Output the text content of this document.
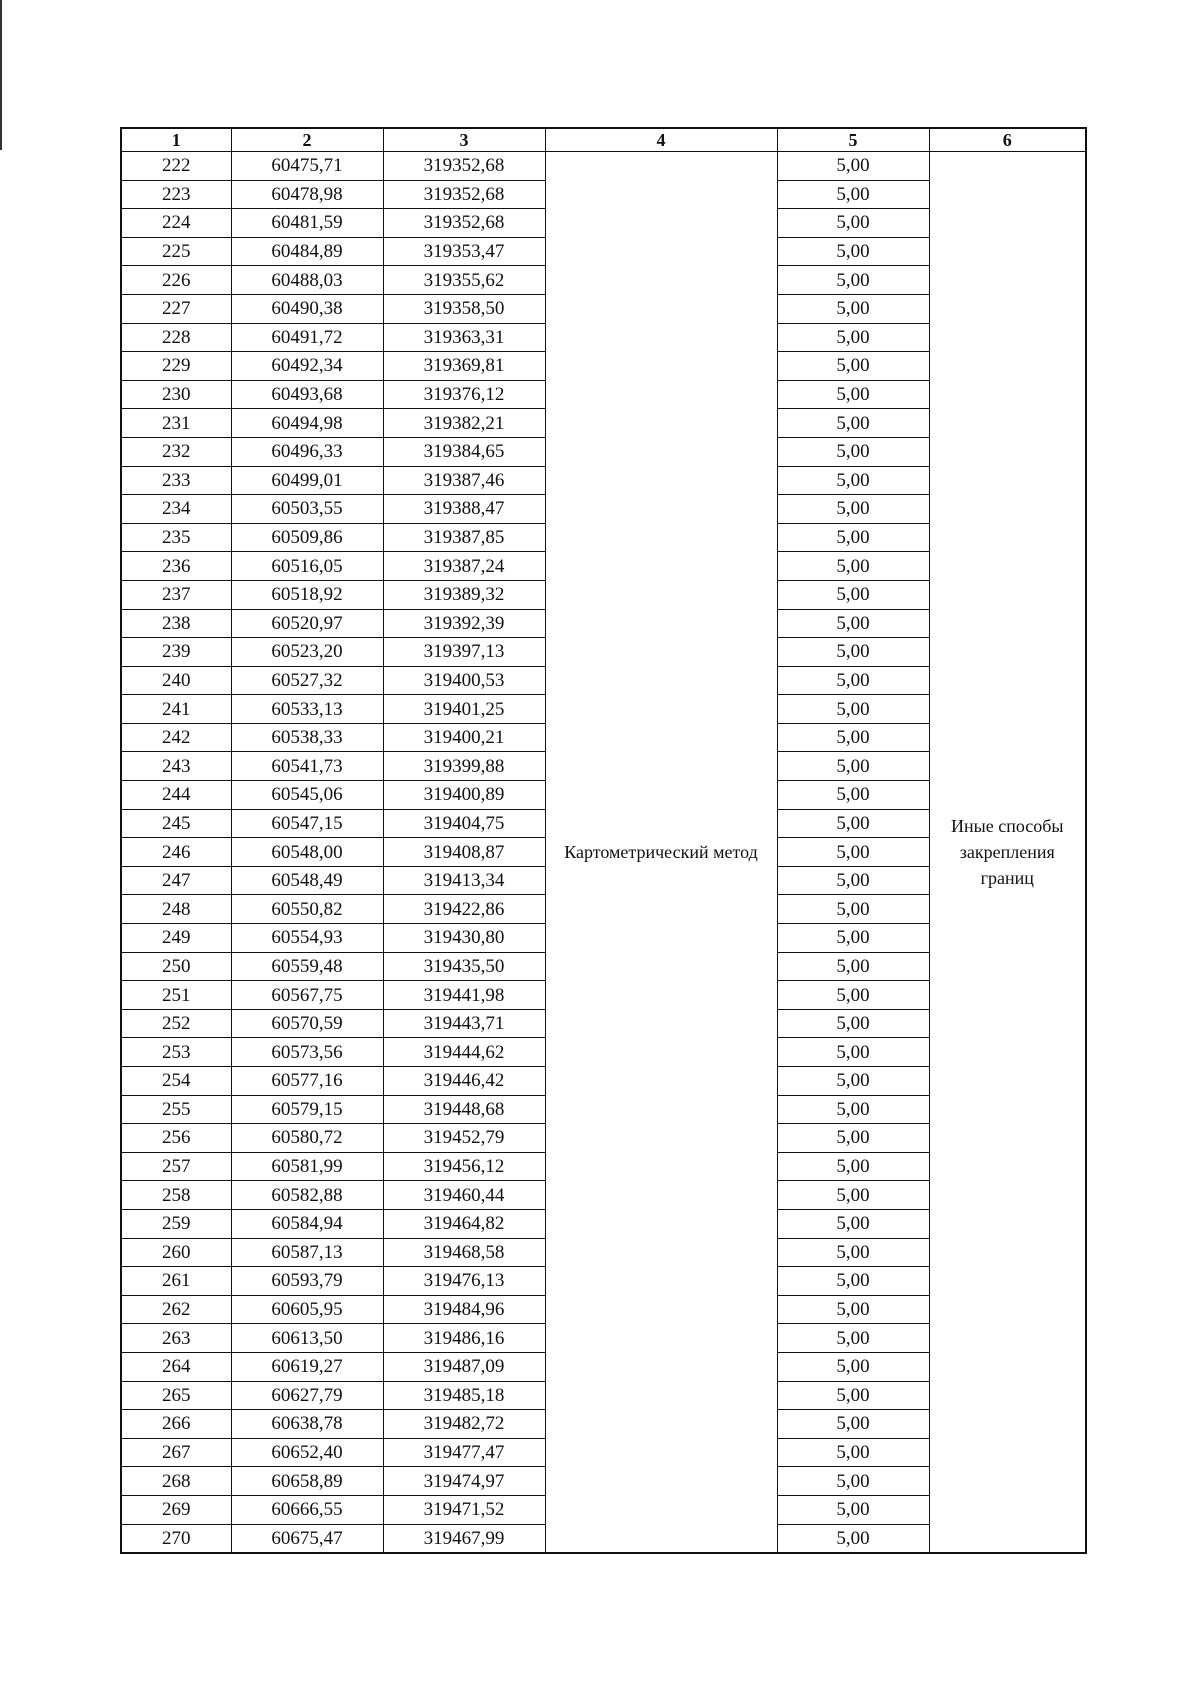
1	2	3	4	5	6
222	60475,71	319352,68	Картометрический метод	5,00	Иные способы закрепления границ
223	60478,98	319352,68		5,00	
224	60481,59	319352,68		5,00	
225	60484,89	319353,47		5,00	
226	60488,03	319355,62		5,00	
227	60490,38	319358,50		5,00	
228	60491,72	319363,31		5,00	
229	60492,34	319369,81		5,00	
230	60493,68	319376,12		5,00	
231	60494,98	319382,21		5,00	
232	60496,33	319384,65		5,00	
233	60499,01	319387,46		5,00	
234	60503,55	319388,47		5,00	
235	60509,86	319387,85		5,00	
236	60516,05	319387,24		5,00	
237	60518,92	319389,32		5,00	
238	60520,97	319392,39		5,00	
239	60523,20	319397,13		5,00	
240	60527,32	319400,53		5,00	
241	60533,13	319401,25		5,00	
242	60538,33	319400,21		5,00	
243	60541,73	319399,88		5,00	
244	60545,06	319400,89		5,00	
245	60547,15	319404,75		5,00	
246	60548,00	319408,87		5,00	
247	60548,49	319413,34		5,00	
248	60550,82	319422,86		5,00	
249	60554,93	319430,80		5,00	
250	60559,48	319435,50		5,00	
251	60567,75	319441,98		5,00	
252	60570,59	319443,71		5,00	
253	60573,56	319444,62		5,00	
254	60577,16	319446,42		5,00	
255	60579,15	319448,68		5,00	
256	60580,72	319452,79		5,00	
257	60581,99	319456,12		5,00	
258	60582,88	319460,44		5,00	
259	60584,94	319464,82		5,00	
260	60587,13	319468,58		5,00	
261	60593,79	319476,13		5,00	
262	60605,95	319484,96		5,00	
263	60613,50	319486,16		5,00	
264	60619,27	319487,09		5,00	
265	60627,79	319485,18		5,00	
266	60638,78	319482,72		5,00	
267	60652,40	319477,47		5,00	
268	60658,89	319474,97		5,00	
269	60666,55	319471,52		5,00	
270	60675,47	319467,99		5,00	
